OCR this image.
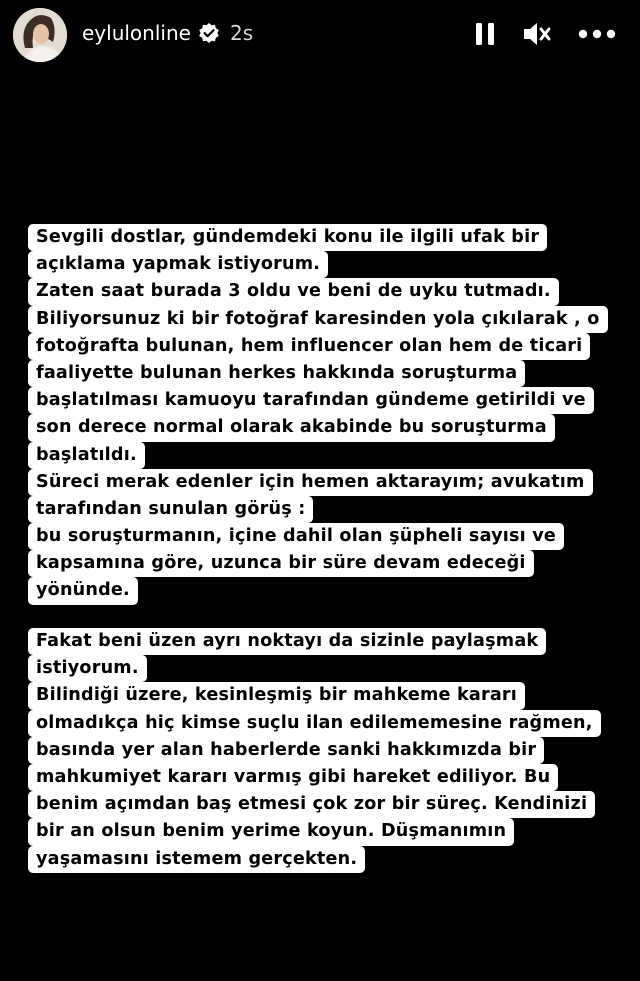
eylulonline 2s
Sevgili dostlar, gündemdeki konu ile ilgili ufak bir
açıklama yapmak istiyorum.
Zaten saat burada 3 oldu ve beni de uyku tutmadı.
Biliyorsunuz ki bir fotoğraf karesinden yola çıkılarak , o
fotoğrafta bulunan, hem influencer olan hem de ticari
faaliyette bulunan herkes hakkında soruşturma
başlatılması kamuoyu tarafından gündeme getirildi ve
son derece normal olarak akabinde bu soruşturma
başlatıldı.
Süreci merak edenler için hemen aktarayım; avukatım
tarafından sunulan görüş :
bu soruşturmanın, içine dahil olan şüpheli sayısı ve
kapsamına göre, uzunca bir süre devam edeceği
yönünde.
Fakat beni üzen ayrı noktayı da sizinle paylaşmak
istiyorum.
Bilindiği üzere, kesinleşmiş bir mahkeme kararı
olmadıkça hiç kimse suçlu ilan edilememesine rağmen,
basında yer alan haberlerde sanki hakkımızda bir
mahkumiyet kararı varmış gibi hareket ediliyor. Bu
benim açımdan baş etmesi çok zor bir süreç. Kendinizi
bir an olsun benim yerime koyun. Düşmanımın
yaşamasını istemem gerçekten.
